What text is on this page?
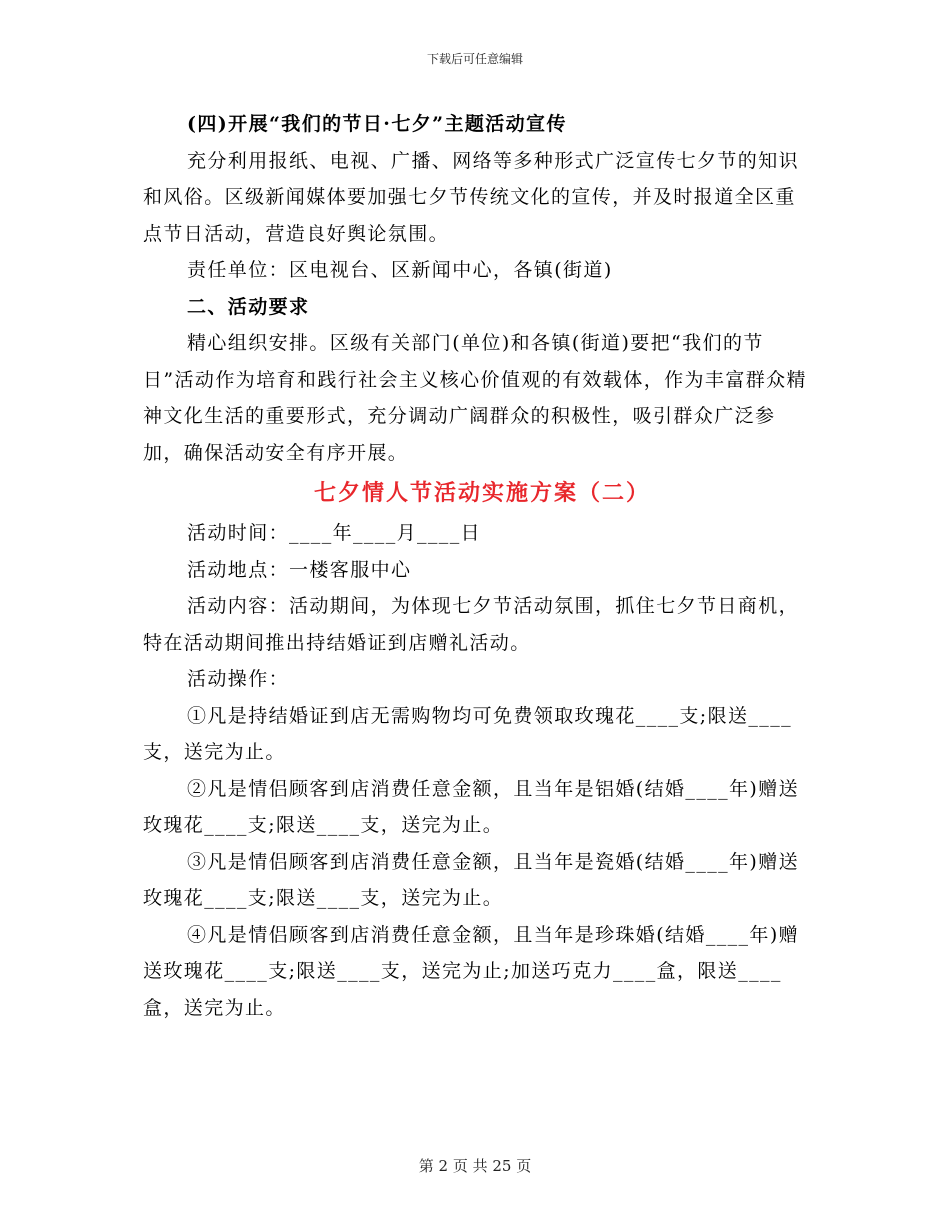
下载后可任意编辑

(四)开展“我们的节日·七夕”主题活动宣传

充分利用报纸、电视、广播、网络等多种形式广泛宣传七夕节的知识和风俗。区级新闻媒体要加强七夕节传统文化的宣传，并及时报道全区重点节日活动，营造良好舆论氛围。

责任单位：区电视台、区新闻中心，各镇(街道)

二、活动要求

精心组织安排。区级有关部门(单位)和各镇(街道)要把“我们的节日”活动作为培育和践行社会主义核心价值观的有效载体，作为丰富群众精神文化生活的重要形式，充分调动广阔群众的积极性，吸引群众广泛参加，确保活动安全有序开展。

七夕情人节活动实施方案（二）

活动时间：____年____月____日

活动地点：一楼客服中心

活动内容：活动期间，为体现七夕节活动氛围，抓住七夕节日商机，特在活动期间推出持结婚证到店赠礼活动。

活动操作：

①凡是持结婚证到店无需购物均可免费领取玫瑰花____支;限送____支，送完为止。

②凡是情侣顾客到店消费任意金额，且当年是铝婚(结婚____年)赠送玫瑰花____支;限送____支，送完为止。

③凡是情侣顾客到店消费任意金额，且当年是瓷婚(结婚____年)赠送玫瑰花____支;限送____支，送完为止。

④凡是情侣顾客到店消费任意金额，且当年是珍珠婚(结婚____年)赠送玫瑰花____支;限送____支，送完为止;加送巧克力____盒，限送____盒，送完为止。

第 2 页 共 25 页
